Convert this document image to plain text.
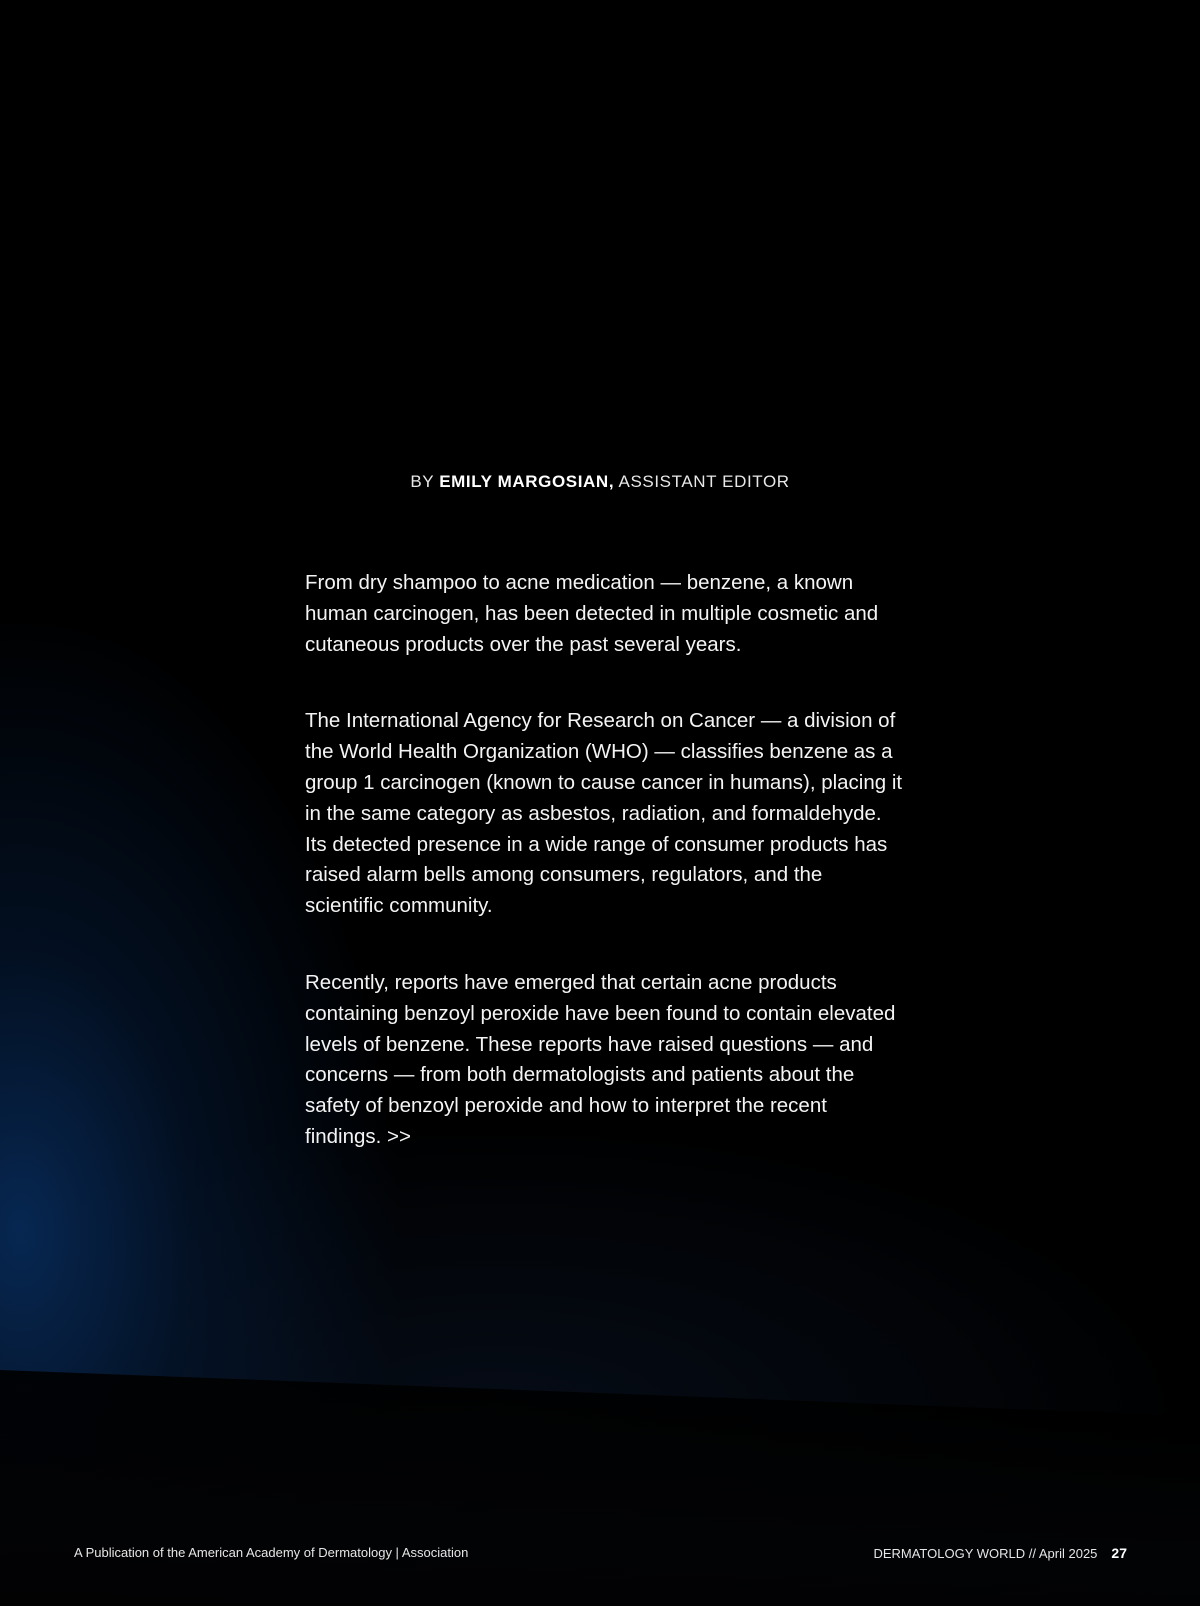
BY EMILY MARGOSIAN, ASSISTANT EDITOR

From dry shampoo to acne medication — benzene, a known human carcinogen, has been detected in multiple cosmetic and cutaneous products over the past several years.

The International Agency for Research on Cancer — a division of the World Health Organization (WHO) — classifies benzene as a group 1 carcinogen (known to cause cancer in humans), placing it in the same category as asbestos, radiation, and formaldehyde. Its detected presence in a wide range of consumer products has raised alarm bells among consumers, regulators, and the scientific community.

Recently, reports have emerged that certain acne products containing benzoyl peroxide have been found to contain elevated levels of benzene. These reports have raised questions — and concerns — from both dermatologists and patients about the safety of benzoyl peroxide and how to interpret the recent findings. >>

A Publication of the American Academy of Dermatology | Association	DERMATOLOGY WORLD // April 2025 27
